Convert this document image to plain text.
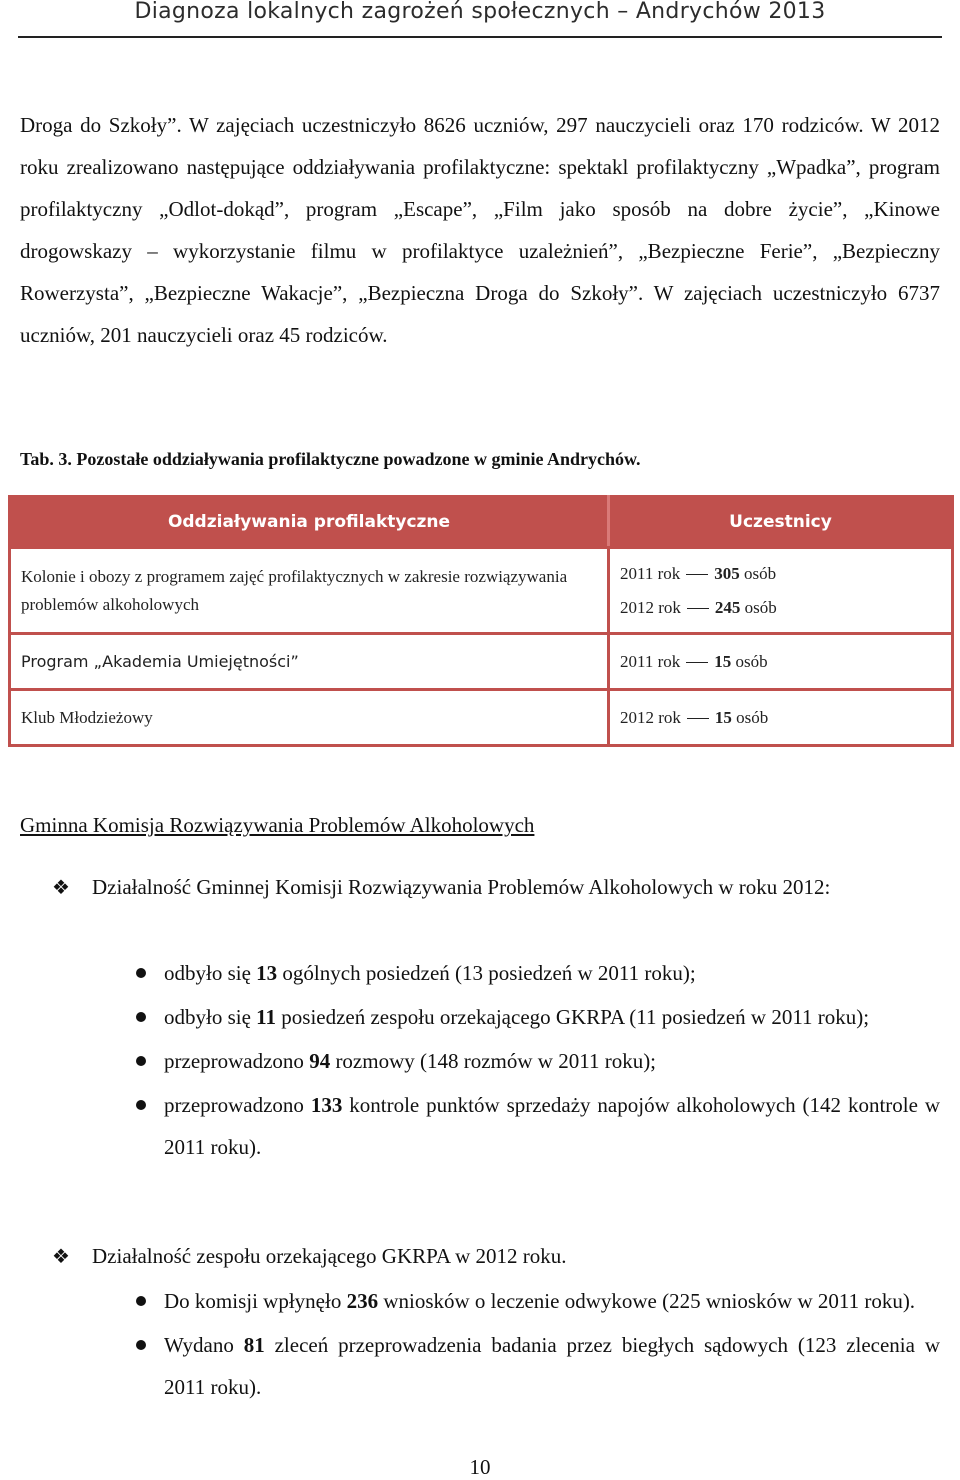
Diagnoza lokalnych zagrożeń społecznych – Andrychów 2013

Droga do Szkoły”. W zajęciach uczestniczyło 8626 uczniów, 297 nauczycieli oraz 170 rodziców. W 2012 roku zrealizowano następujące oddziaływania profilaktyczne: spektakl profilaktyczny „Wpadka”, program profilaktyczny „Odlot-dokąd”, program „Escape”, „Film jako sposób na dobre życie”, „Kinowe drogowskazy – wykorzystanie filmu w profilaktyce uzależnień”, „Bezpieczne Ferie”, „Bezpieczny Rowerzysta”, „Bezpieczne Wakacje”, „Bezpieczna Droga do Szkoły”. W zajęciach uczestniczyło 6737 uczniów, 201 nauczycieli oraz 45 rodziców.

Tab. 3. Pozostałe oddziaływania profilaktyczne powadzone w gminie Andrychów.
Oddziaływania profilaktyczne	Uczestnicy

Kolonie i obozy z programem zajęć profilaktycznych w zakresie rozwiązywania problemów alkoholowych	2011 rok 305 osób
2012 rok 245 osób

Program „Akademia Umiejętności”	2011 rok 15 osób

Klub Młodzieżowy	2012 rok 15 osób
Gminna Komisja Rozwiązywania Problemów Alkoholowych
❖ Działalność Gminnej Komisji Rozwiązywania Problemów Alkoholowych w roku 2012:
odbyło się 13 ogólnych posiedzeń (13 posiedzeń w 2011 roku);
odbyło się 11 posiedzeń zespołu orzekającego GKRPA (11 posiedzeń w 2011 roku);
przeprowadzono 94 rozmowy (148 rozmów w 2011 roku);
przeprowadzono 133 kontrole punktów sprzedaży napojów alkoholowych (142 kontrole w 2011 roku).
❖ Działalność zespołu orzekającego GKRPA w 2012 roku.
Do komisji wpłynęło 236 wniosków o leczenie odwykowe (225 wniosków w 2011 roku).
Wydano 81 zleceń przeprowadzenia badania przez biegłych sądowych (123 zlecenia w 2011 roku).
10
